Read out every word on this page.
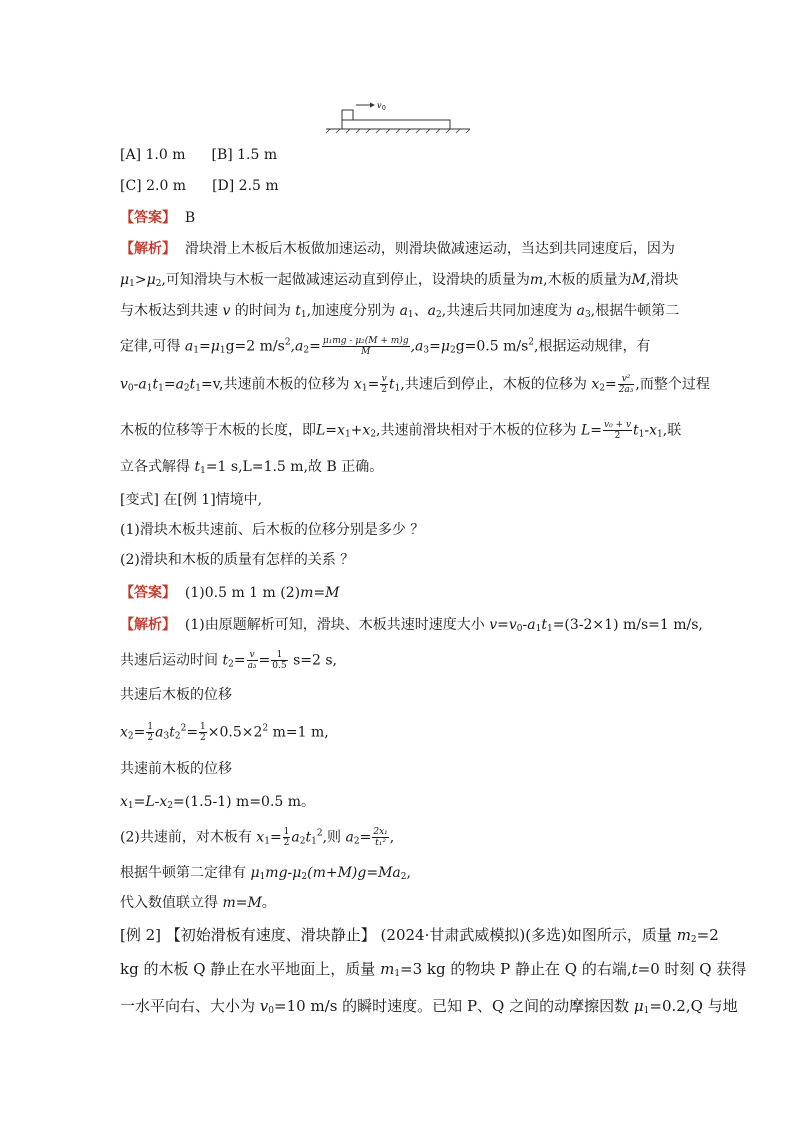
v 0
[A] 1.0 m [B] 1.5 m
[C] 2.0 m [D] 2.5 m
【答案】 B
【解析】 滑块滑上木板后木板做加速运动，则滑块做减速运动，当达到共同速度后，因为
$\mu_1>\mu_2$,可知滑块与木板一起做减速运动直到停止，设滑块的质量为m,木板的质量为M,滑块
与木板达到共速 v 的时间为 $t_1$,加速度分别为 $a_1$、$a_2$,共速后共同加速度为 $a_3$,根据牛顿第二
定律,可得 $a_1=\mu_1g=2$ $m/s^2,a_2= \frac{\text{μ₁mg - μ₂(M + m)g}}{M} ,a_3=\mu_2g=0.5$ $m/s^2$,根据运动规律，有
$v_0-a_1t_1=a_2t_1=v$,共速前木板的位移为 $x_1= \frac{v}{2} t_1$,共速后到停止，木板的位移为 $x_2= \frac{\text{v²}}{\text{2a₃}}$ ,而整个过程
木板的位移等于木板的长度，即$L=x_1+x_2$,共速前滑块相对于木板的位移为 $L= \frac{\text{v₀ + v}}{2} t_1-x_1$,联
立各式解得 $t_1=1$ s,L=1.5 m,故 B 正确。
[变式] 在[例 1]情境中,
(1)滑块木板共速前、后木板的位移分别是多少 ？
(2)滑块和木板的质量有怎样的关系 ？
【答案】 (1)0.5 m 1 m (2)m=M
【解析】 (1)由原题解析可知，滑块、木板共速时速度大小 $v=v_0-a_1t_1=(3-2\times 1)$ m/s=1 m/s,
共速后运动时间 $t_2= \frac{v}{\text{a₃}} = \frac{1}{0.5} s=2$ s,
共速后木板的位移
$x_2= \frac{1}{2} a_3t_2^2= \frac{1}{2} \times 0.5\times 2^2$ m=1 m,
共速前木板的位移
$x_1=L-x_2=(1.5-1)$ m=0.5 m。
(2)共速前，对木板有 $x_1= \frac{1}{2} a_2t_1^2$,则 $a_2= \frac{\text{2x₁}}{\text{t₁²}}$ ,
根据牛顿第二定律有 $\mu_1mg-\mu_2(m+M)g=Ma_2$,
代入数值联立得 m=M。
[例 2] 【初始滑板有速度、滑块静止】 (2024·甘肃武威模拟)(多选)如图所示，质量 $m_2=2$
kg 的木板 Q 静止在水平地面上，质量 $m_1=3$ kg 的物块 P 静止在 Q 的右端,t=0 时刻 Q 获得
一水平向右、大小为 $v_0=10$ m/s 的瞬时速度。已知 P、Q 之间的动摩擦因数 $\mu_1=0.2,Q$ 与地
